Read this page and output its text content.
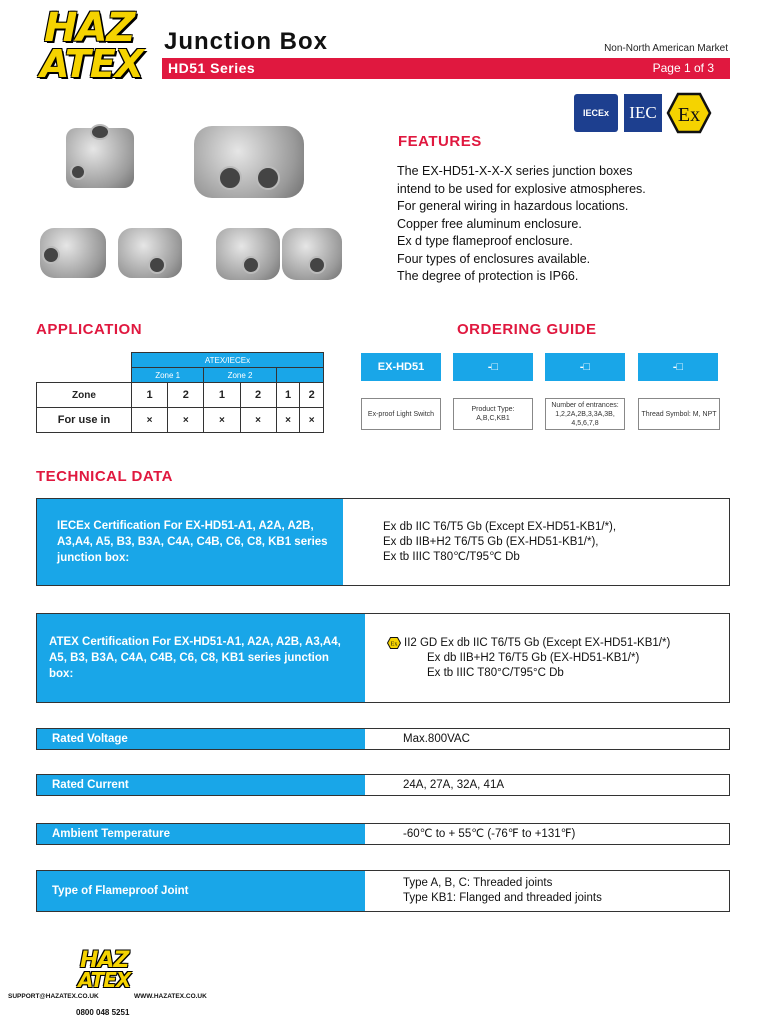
HAZ
ATEX
Junction Box	Non-North American Market
HD51 Series	Page 1 of 3
IECEx IEC Ex
FEATURES
The EX-HD51-X-X-X series junction boxes
intend to be used for explosive atmospheres.
For general wiring in hazardous locations.
Copper free aluminum enclosure.
Ex d type flameproof enclosure.
Four types of enclosures available.
The degree of protection is IP66.
APPLICATION
	ATEX/IECEx					
	Zone 1		Zone 2			
Zone	1	2	1	2	1	2
For use in	×	×	×	×	×	×
ORDERING GUIDE
EX-HD51	-□	-□	-□
Ex-proof Light Switch
Product Type:
A,B,C,KB1
Number of entrances:
1,2,2A,2B,3,3A,3B,
4,5,6,7,8
Thread Symbol: M, NPT
TECHNICAL DATA
IECEx Certification For EX-HD51-A1, A2A, A2B, A3,A4, A5, B3, B3A, C4A, C4B, C6, C8, KB1 series junction box:
Ex db IIC T6/T5 Gb (Except EX-HD51-KB1/*),
Ex db IIB+H2 T6/T5 Gb (EX-HD51-KB1/*),
Ex tb IIIC T80℃/T95℃ Db
ATEX Certification For EX-HD51-A1, A2A, A2B, A3,A4, A5, B3, B3A, C4A, C4B, C6, C8, KB1 series junction box:
Ex II2 GD Ex db IIC T6/T5 Gb (Except EX-HD51-KB1/*)
Ex db IIB+H2 T6/T5 Gb (EX-HD51-KB1/*)
Ex tb IIIC T80°C/T95°C Db
Rated Voltage	Max.800VAC
Rated Current	24A, 27A, 32A, 41A
Ambient Temperature	-60℃ to + 55℃ (-76℉ to +131℉)
Type of Flameproof Joint
Type A, B, C: Threaded joints
Type KB1: Flanged and threaded joints
HAZ
ATEX
SUPPORT@HAZATEX.CO.UK	WWW.HAZATEX.CO.UK
0800 048 5251
